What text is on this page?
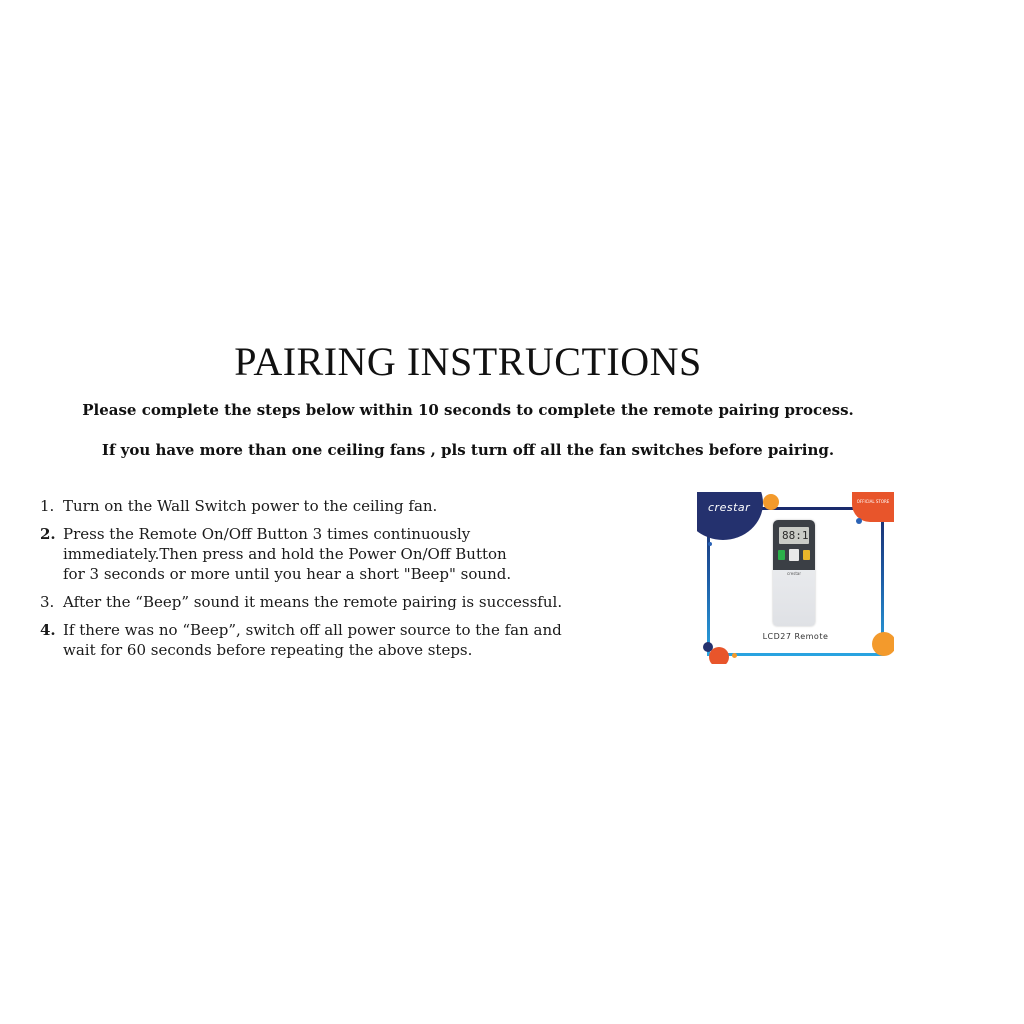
PAIRING INSTRUCTIONS
Please complete the steps below within 10 seconds to complete the remote pairing process.
If you have more than one ceiling fans , pls turn off all the fan switches before pairing.
1. Turn on the Wall Switch power to the ceiling fan.
2. Press the Remote On/Off Button 3 times continuously
immediately.Then press and hold the Power On/Off Button
for 3 seconds or more until you hear a short "Beep" sound.
3. After the “Beep” sound it means the remote pairing is successful.
4. If there was no “Beep”, switch off all power source to the fan and
wait for 60 seconds before repeating the above steps.
crestar	OFFICIAL STORE
88:1
crestar
LCD27 Remote
